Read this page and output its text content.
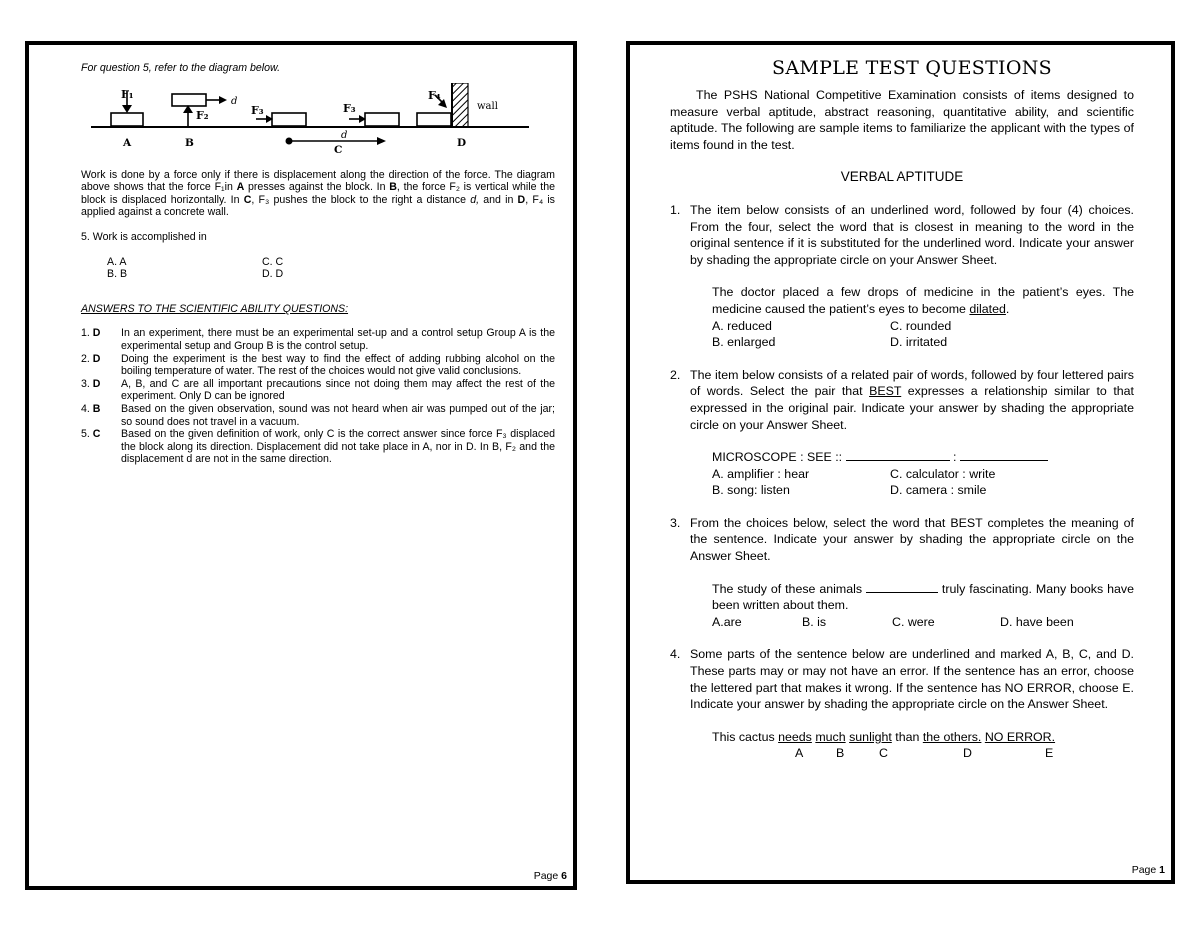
For question 5, refer to the diagram below.
F₁
F₂	F₃	F₃
F₄
d
d
wall
A	B
C
D
Work is done by a force only if there is displacement along the direction of the force. The diagram above shows that the force F₁in A presses against the block. In B, the force F₂ is vertical while the block is displaced horizontally. In C, F₃ pushes the block to the right a distance d, and in D, F₄ is applied against a concrete wall.
5. Work is accomplished in
A. A	C. C
B. B	D. D
ANSWERS TO THE SCIENTIFIC ABILITY QUESTIONS:
1. D	In an experiment, there must be an experimental set-up and a control setup Group A is the experimental setup and Group B is the control setup.
2. D	Doing the experiment is the best way to find the effect of adding rubbing alcohol on the boiling temperature of water. The rest of the choices would not give valid conclusions.
3. D	A, B, and C are all important precautions since not doing them may affect the rest of the experiment. Only D can be ignored
4. B	Based on the given observation, sound was not heard when air was pumped out of the jar; so sound does not travel in a vacuum.
5. C	Based on the given definition of work, only C is the correct answer since force F₃ displaced the block along its direction. Displacement did not take place in A, nor in D. In B, F₂ and the displacement d are not in the same direction.
Page 6
SAMPLE TEST QUESTIONS
The PSHS National Competitive Examination consists of items designed to measure verbal aptitude, abstract reasoning, quantitative ability, and scientific aptitude. The following are sample items to familiarize the applicant with the types of items found in the test.
VERBAL APTITUDE
1. The item below consists of an underlined word, followed by four (4) choices. From the four, select the word that is closest in meaning to the word in the original sentence if it is substituted for the underlined word. Indicate your answer by shading the appropriate circle on your Answer Sheet.
The doctor placed a few drops of medicine in the patient’s eyes. The medicine caused the patient’s eyes to become dilated.
A. reduced	C. rounded
B. enlarged	D. irritated
2. The item below consists of a related pair of words, followed by four lettered pairs of words. Select the pair that BEST expresses a relationship similar to that expressed in the original pair. Indicate your answer by shading the appropriate circle on your Answer Sheet.
MICROSCOPE : SEE ::	:
A. amplifier : hear	C. calculator : write
B. song: listen	D. camera : smile
3. From the choices below, select the word that BEST completes the meaning of the sentence. Indicate your answer by shading the appropriate circle on the Answer Sheet.
The study of these animals	truly fascinating. Many books have been written about them.
A.are	B. is	C. were	D. have been
4. Some parts of the sentence below are underlined and marked A, B, C, and D. These parts may or may not have an error. If the sentence has an error, choose the lettered part that makes it wrong. If the sentence has NO ERROR, choose E. Indicate your answer by shading the appropriate circle on the Answer Sheet.
This cactus needs much sunlight than the others. NO ERROR.
A	B	C	D	E
Page 1
